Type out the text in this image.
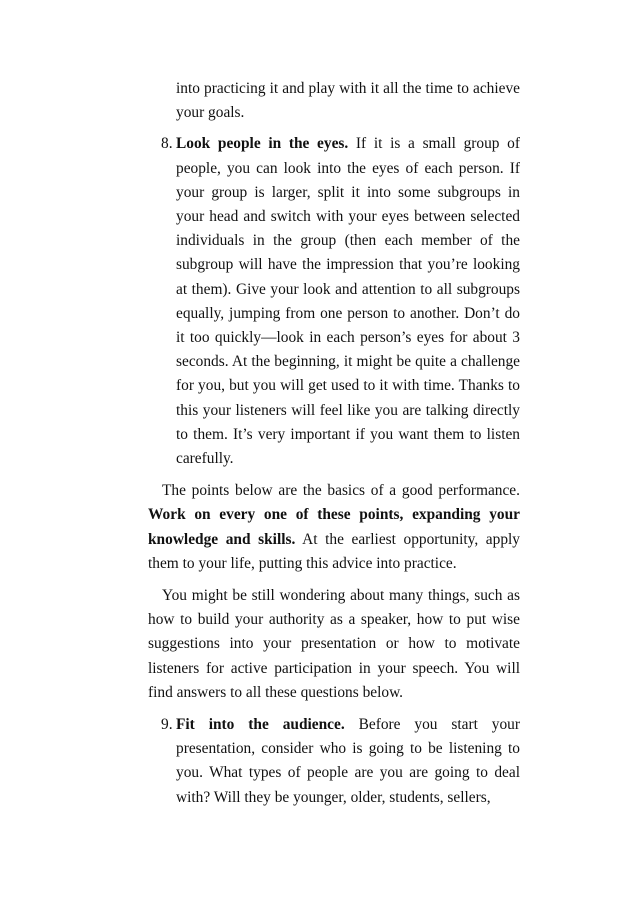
into practicing it and play with it all the time to achieve your goals.

8. Look people in the eyes. If it is a small group of people, you can look into the eyes of each person. If your group is larger, split it into some subgroups in your head and switch with your eyes between selected individuals in the group (then each member of the subgroup will have the impression that you’re looking at them). Give your look and attention to all subgroups equally, jumping from one person to another. Don’t do it too quickly—look in each person’s eyes for about 3 seconds. At the beginning, it might be quite a challenge for you, but you will get used to it with time. Thanks to this your listeners will feel like you are talking directly to them. It’s very important if you want them to listen carefully.

The points below are the basics of a good performance. Work on every one of these points, expanding your knowledge and skills. At the earliest opportunity, apply them to your life, putting this advice into practice.

You might be still wondering about many things, such as how to build your authority as a speaker, how to put wise suggestions into your presentation or how to motivate listeners for active participation in your speech. You will find answers to all these questions below.

9. Fit into the audience. Before you start your presentation, consider who is going to be listening to you. What types of people are you are going to deal with? Will they be younger, older, students, sellers,
